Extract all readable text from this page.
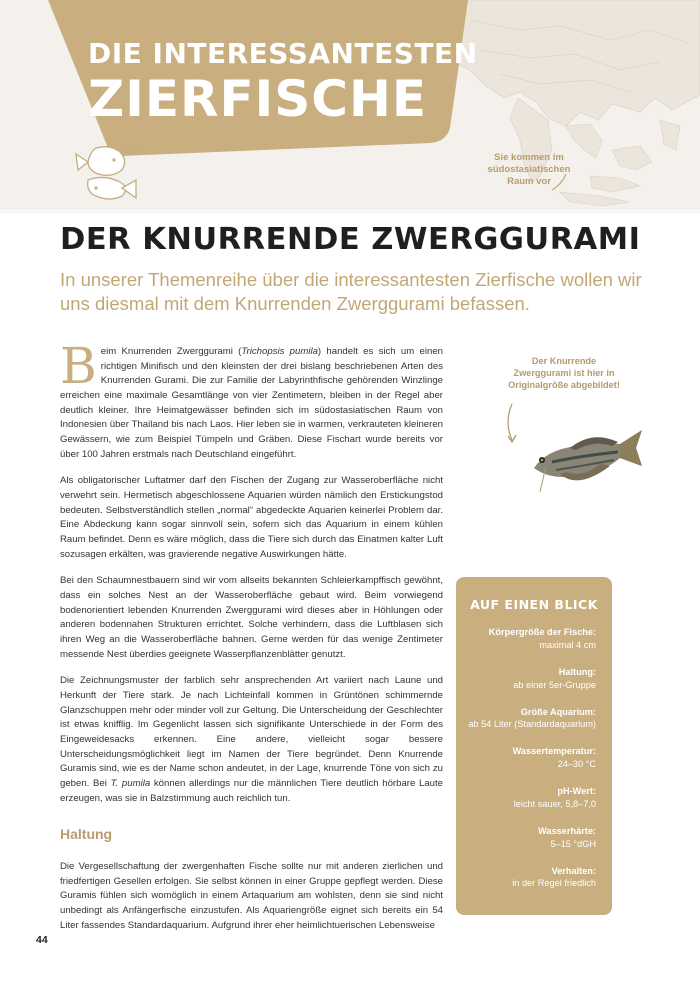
DIE INTERESSANTESTEN
ZIERFISCHE
Sie kommen im südostasiatischen Raum vor
DER KNURRENDE ZWERGGURAMI

In unserer Themenreihe über die interessantesten Zierfische wollen wir uns diesmal mit dem Knurrenden Zwerggurami befassen.

Beim Knurrenden Zwerggurami (Trichopsis pumila) handelt es sich um einen richtigen Minifisch und den kleinsten der drei bislang beschriebenen Arten des Knurrenden Gurami. Die zur Familie der Labyrinthfische gehörenden Winzlinge erreichen eine maximale Gesamtlänge von vier Zentimetern, bleiben in der Regel aber deutlich kleiner. Ihre Heimatgewässer befinden sich im südostasiatischen Raum von Indonesien über Thailand bis nach Laos. Hier leben sie in warmen, verkrauteten kleineren Gewässern, wie zum Beispiel Tümpeln und Gräben. Diese Fischart wurde bereits vor über 100 Jahren erstmals nach Deutschland eingeführt.

Als obligatorischer Luftatmer darf den Fischen der Zugang zur Wasseroberfläche nicht verwehrt sein. Hermetisch abgeschlossene Aquarien würden nämlich den Erstickungstod bedeuten. Selbstverständlich stellen „normal“ abgedeckte Aquarien keinerlei Problem dar. Eine Abdeckung kann sogar sinnvoll sein, sofern sich das Aquarium in einem kühlen Raum befindet. Denn es wäre möglich, dass die Tiere sich durch das Einatmen kalter Luft sozusagen erkälten, was gravierende negative Auswirkungen hätte.

Bei den Schaumnestbauern sind wir vom allseits bekannten Schleierkampffisch gewöhnt, dass ein solches Nest an der Wasseroberfläche gebaut wird. Beim vorwiegend bodenorientiert lebenden Knurrenden Zwerggurami wird dieses aber in Höhlungen oder anderen bodennahen Strukturen errichtet. Solche verhindern, dass die Luftblasen sich ihren Weg an die Wasseroberfläche bahnen. Gerne werden für das wenige Zentimeter messende Nest überdies geeignete Wasserpflanzenblätter genutzt.

Die Zeichnungsmuster der farblich sehr ansprechenden Art variiert nach Laune und Herkunft der Tiere stark. Je nach Lichteinfall kommen in Grüntönen schimmernde Glanzschuppen mehr oder minder voll zur Geltung. Die Unterscheidung der Geschlechter ist etwas knifflig. Im Gegenlicht lassen sich signifikante Unterschiede in der Form des Eingeweidesacks erkennen. Eine andere, vielleicht sogar bessere Unterscheidungsmöglichkeit liegt im Namen der Tiere begründet. Denn Knurrende Guramis sind, wie es der Name schon andeutet, in der Lage, knurrende Töne von sich zu geben. Bei T. pumila können allerdings nur die männlichen Tiere deutlich hörbare Laute erzeugen, was sie in Balzstimmung auch reichlich tun.

Haltung

Die Vergesellschaftung der zwergenhaften Fische sollte nur mit anderen zierlichen und friedfertigen Gesellen erfolgen. Sie selbst können in einer Gruppe gepflegt werden. Diese Guramis fühlen sich womöglich in einem Artaquarium am wohlsten, denn sie sind nicht unbedingt als Anfängerfische einzustufen. Als Aquariengröße eignet sich bereits ein 54 Liter fassendes Standardaquarium. Aufgrund ihrer eher heimlichtuerischen Lebensweise

Der Knurrende Zwerggurami ist hier in Originalgröße abgebildet!
AUF EINEN BLICK
Körpergröße der Fische:
maximal 4 cm
Haltung:
ab einer 5er-Gruppe
Größe Aquarium:
ab 54 Liter (Standardaquarium)
Wassertemperatur:
24–30 °C
pH-Wert:
leicht sauer, 5,8–7,0
Wasserhärte:
5–15 °dGH
Verhalten:
in der Regel friedlich
44
